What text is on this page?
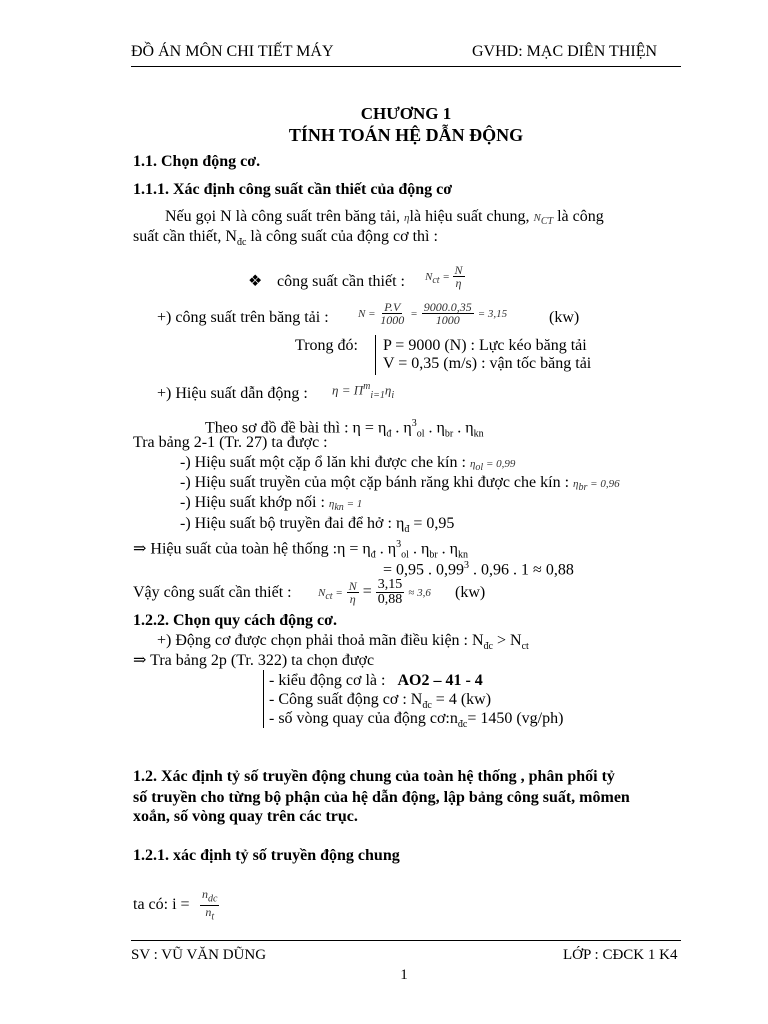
ĐỒ ÁN MÔN CHI TIẾT MÁY	GVHD: MẠC DIÊN THIỆN
CHƯƠNG 1
TÍNH TOÁN HỆ DẪN ĐỘNG
1.1. Chọn động cơ.
1.1.1. Xác định công suất cần thiết của động cơ
Nếu gọi N là công suất trên băng tải, ηlà hiệu suất chung, $N_{CT}$ là công
suất cần thiết, $N_{đc}$ là công suất của động cơ thì :
❖ công suất cần thiết : $N_{ct} = \frac{N}{\eta}$
+) công suất trên băng tải :	$N = \frac{P.V}{1000} = \frac{9000.0,35}{1000} = 3,15$	(kw)
Trong đó: P = 9000 (N) : Lực kéo băng tải
V = 0,35 (m/s) : vận tốc băng tải
+) Hiệu suất dẫn động : $\eta = \Pi^m_{i=1}\eta_i$
Theo sơ đồ đề bài thì : $\eta = \eta_đ$ . $\eta^3_{ol}$ . $\eta_{br}$ . $\eta_{kn}$
Tra bảng 2-1 (Tr. 27) ta được :
-) Hiệu suất một cặp ổ lăn khi được che kín : $\eta_{ol} = 0,99$
-) Hiệu suất truyền của một cặp bánh răng khi được che kín : $\eta_{br} = 0,96$
-) Hiệu suất khớp nối : $\eta_{kn} = 1$
-) Hiệu suất bộ truyền đai để hở : $\eta_đ = 0,95$
⇒ Hiệu suất của toàn hệ thống :η = $\eta_đ$ . $\eta^3_{ol}$ . $\eta_{br}$ . $\eta_{kn}$
= 0,95 . 0,99$^3$ . 0,96 . 1 ≈ 0,88
Vậy công suất cần thiết : $N_{ct} = \frac{N}{\eta} = \frac{3,15}{0,88} \approx 3,6$ (kw)
1.2.2. Chọn quy cách động cơ.
+) Động cơ được chọn phải thoả mãn điều kiện : $N_{đc} > N_{ct}$
⇒ Tra bảng 2p (Tr. 322) ta chọn được
- kiểu động cơ là : AO2 – 41 - 4
- Công suất động cơ : $N_{đc} = 4$ (kw)
- số vòng quay của động $cơ:n_{đc}= 1450$ (vg/ph)
1.2. Xác định tỷ số truyền động chung của toàn hệ thống , phân phối tỷ
số truyền cho từng bộ phận của hệ dẫn động, lập bảng công suất, mômen
xoắn, số vòng quay trên các trục.
1.2.1. xác định tỷ số truyền động chung
ta có: $i = \frac{n_{dc}}{n_t}$
SV : VŨ VĂN DŨNG	LỚP : CĐCK 1 K4
1
